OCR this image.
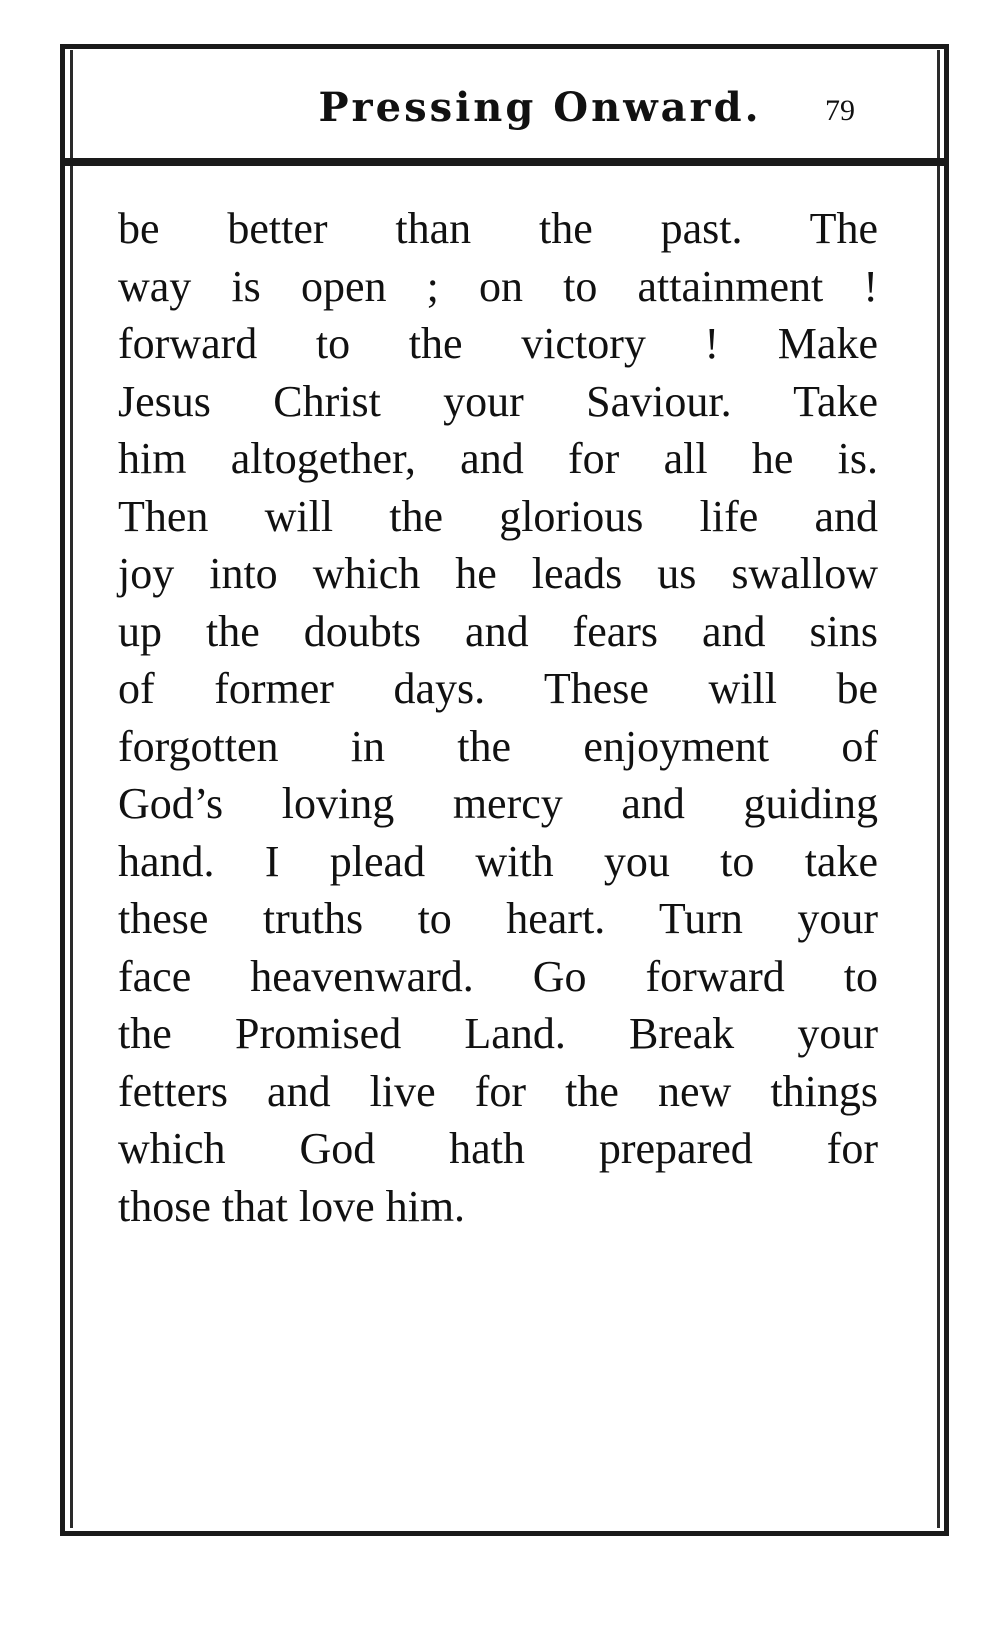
Pressing Onward.	79
be better than the past. The
way is open ; on to attainment !
forward to the victory ! Make
Jesus Christ your Saviour. Take
him altogether, and for all he is.
Then will the glorious life and
joy into which he leads us swallow
up the doubts and fears and sins
of former days. These will be
forgotten in the enjoyment of
God’s loving mercy and guiding
hand. I plead with you to take
these truths to heart. Turn your
face heavenward. Go forward to
the Promised Land. Break your
fetters and live for the new things
which God hath prepared for
those that love him.
